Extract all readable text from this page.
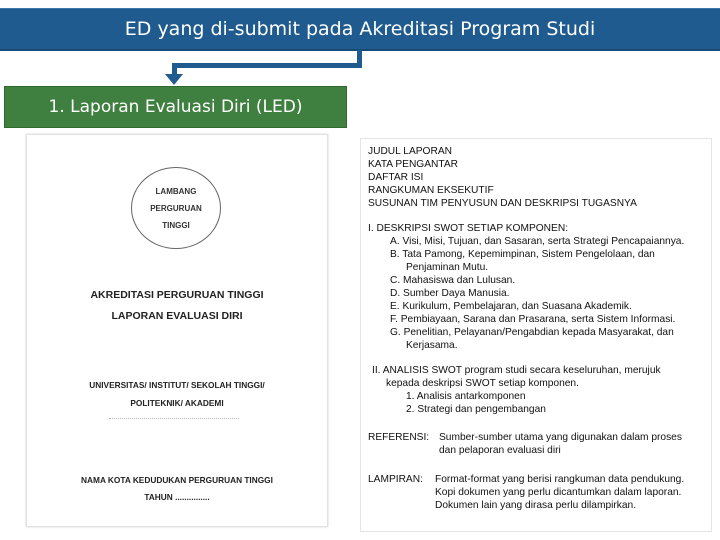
ED yang di-submit pada Akreditasi Program Studi
1. Laporan Evaluasi Diri (LED)
LAMBANG
PERGURUAN
TINGGI
AKREDITASI PERGURUAN TINGGI
LAPORAN EVALUASI DIRI
UNIVERSITAS/ INSTITUT/ SEKOLAH TINGGI/
POLITEKNIK/ AKADEMI
NAMA KOTA KEDUDUKAN PERGURUAN TINGGI
TAHUN ...............
JUDUL LAPORAN
KATA PENGANTAR
DAFTAR ISI
RANGKUMAN EKSEKUTIF
SUSUNAN TIM PENYUSUN DAN DESKRIPSI TUGASNYA
I. DESKRIPSI SWOT SETIAP KOMPONEN:
A. Visi, Misi, Tujuan, dan Sasaran, serta Strategi Pencapaiannya.
B. Tata Pamong, Kepemimpinan, Sistem Pengelolaan, dan
Penjaminan Mutu.
C. Mahasiswa dan Lulusan.
D. Sumber Daya Manusia.
E. Kurikulum, Pembelajaran, dan Suasana Akademik.
F. Pembiayaan, Sarana dan Prasarana, serta Sistem Informasi.
G. Penelitian, Pelayanan/Pengabdian kepada Masyarakat, dan
Kerjasama.
II. ANALISIS SWOT program studi secara keseluruhan, merujuk
kepada deskripsi SWOT setiap komponen.
1. Analisis antarkomponen
2. Strategi dan pengembangan
REFERENSI: Sumber-sumber utama yang digunakan dalam proses
dan pelaporan evaluasi diri
LAMPIRAN: Format-format yang berisi rangkuman data pendukung.
Kopi dokumen yang perlu dicantumkan dalam laporan.
Dokumen lain yang dirasa perlu dilampirkan.
